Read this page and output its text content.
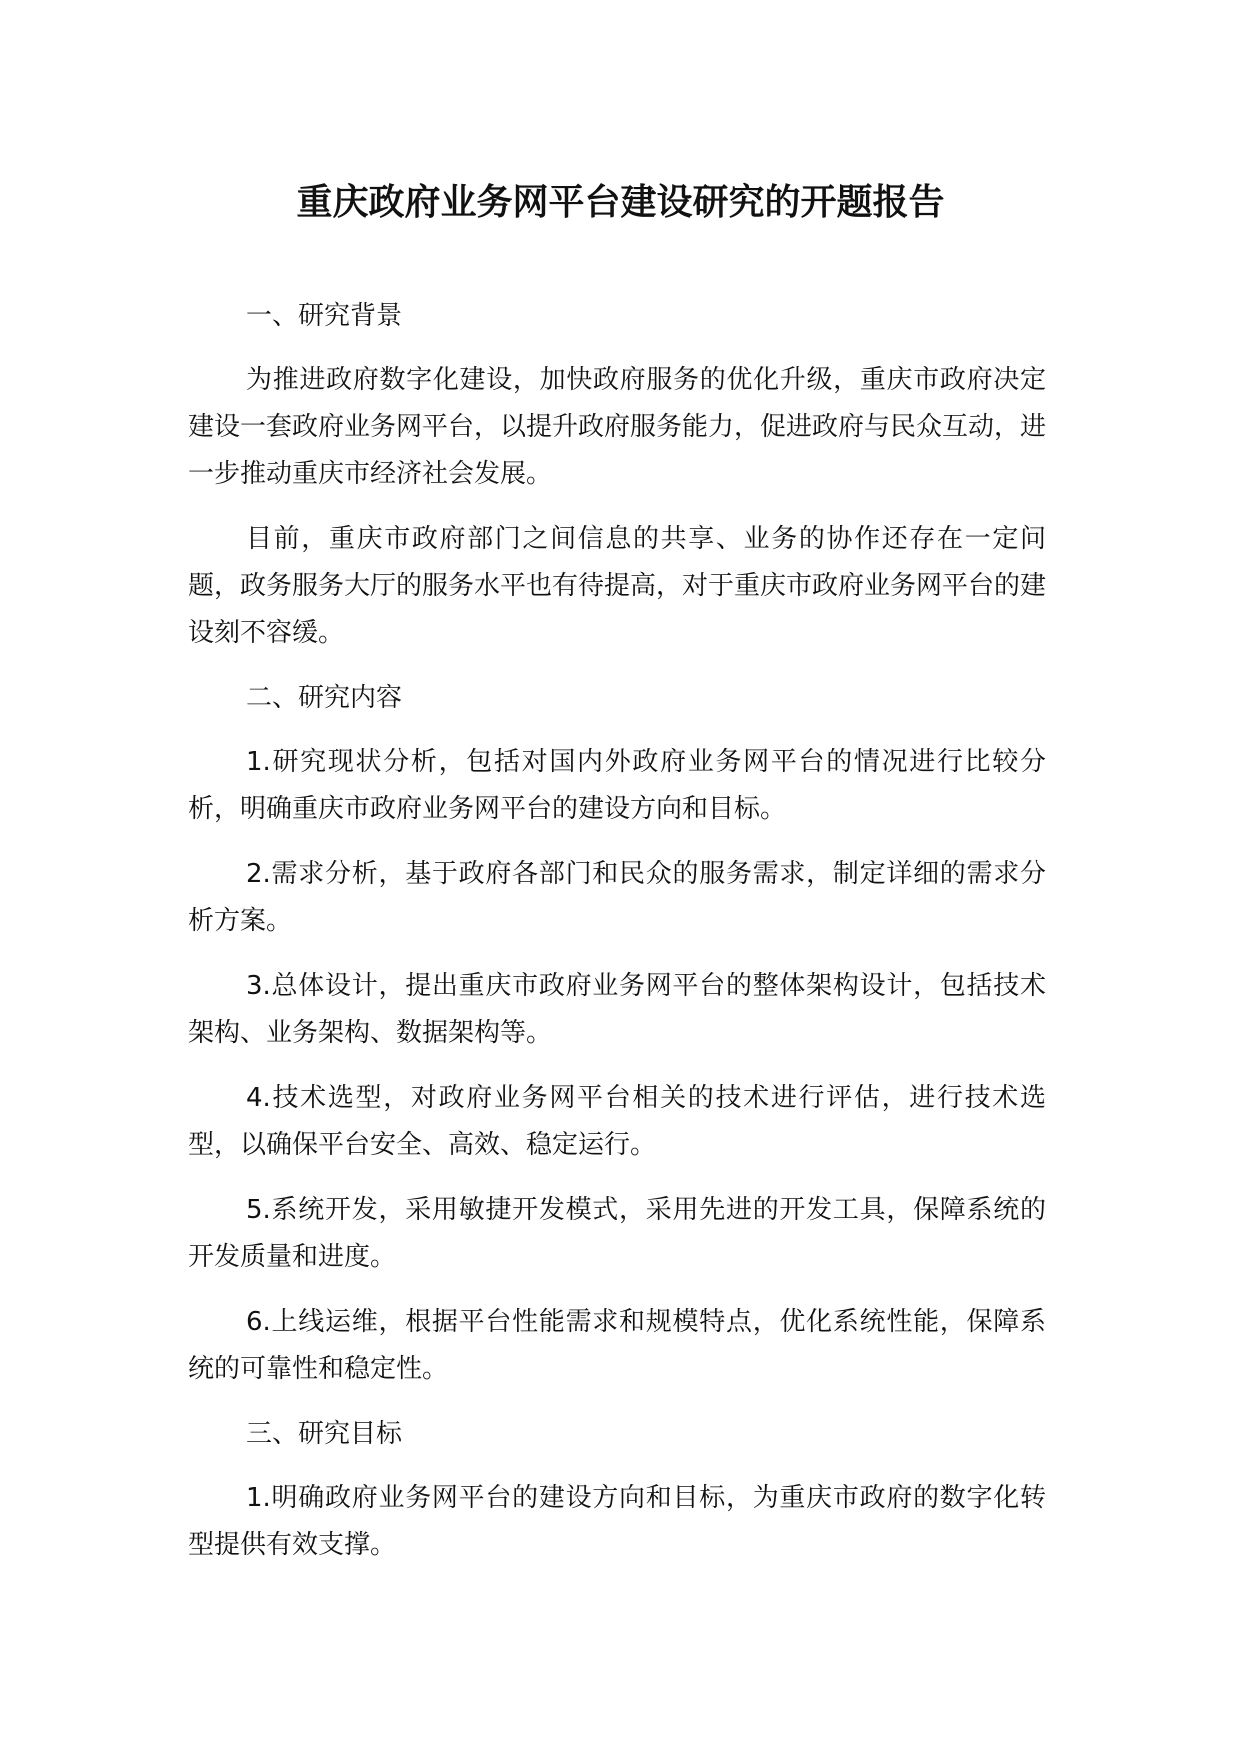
重庆政府业务网平台建设研究的开题报告

一、研究背景

为推进政府数字化建设，加快政府服务的优化升级，重庆市政府决定建设一套政府业务网平台，以提升政府服务能力，促进政府与民众互动，进一步推动重庆市经济社会发展。

目前，重庆市政府部门之间信息的共享、业务的协作还存在一定问题，政务服务大厅的服务水平也有待提高，对于重庆市政府业务网平台的建设刻不容缓。

二、研究内容

1.研究现状分析，包括对国内外政府业务网平台的情况进行比较分析，明确重庆市政府业务网平台的建设方向和目标。

2.需求分析，基于政府各部门和民众的服务需求，制定详细的需求分析方案。

3.总体设计，提出重庆市政府业务网平台的整体架构设计，包括技术架构、业务架构、数据架构等。

4.技术选型，对政府业务网平台相关的技术进行评估，进行技术选型，以确保平台安全、高效、稳定运行。

5.系统开发，采用敏捷开发模式，采用先进的开发工具，保障系统的开发质量和进度。

6.上线运维，根据平台性能需求和规模特点，优化系统性能，保障系统的可靠性和稳定性。

三、研究目标

1.明确政府业务网平台的建设方向和目标，为重庆市政府的数字化转型提供有效支撑。
